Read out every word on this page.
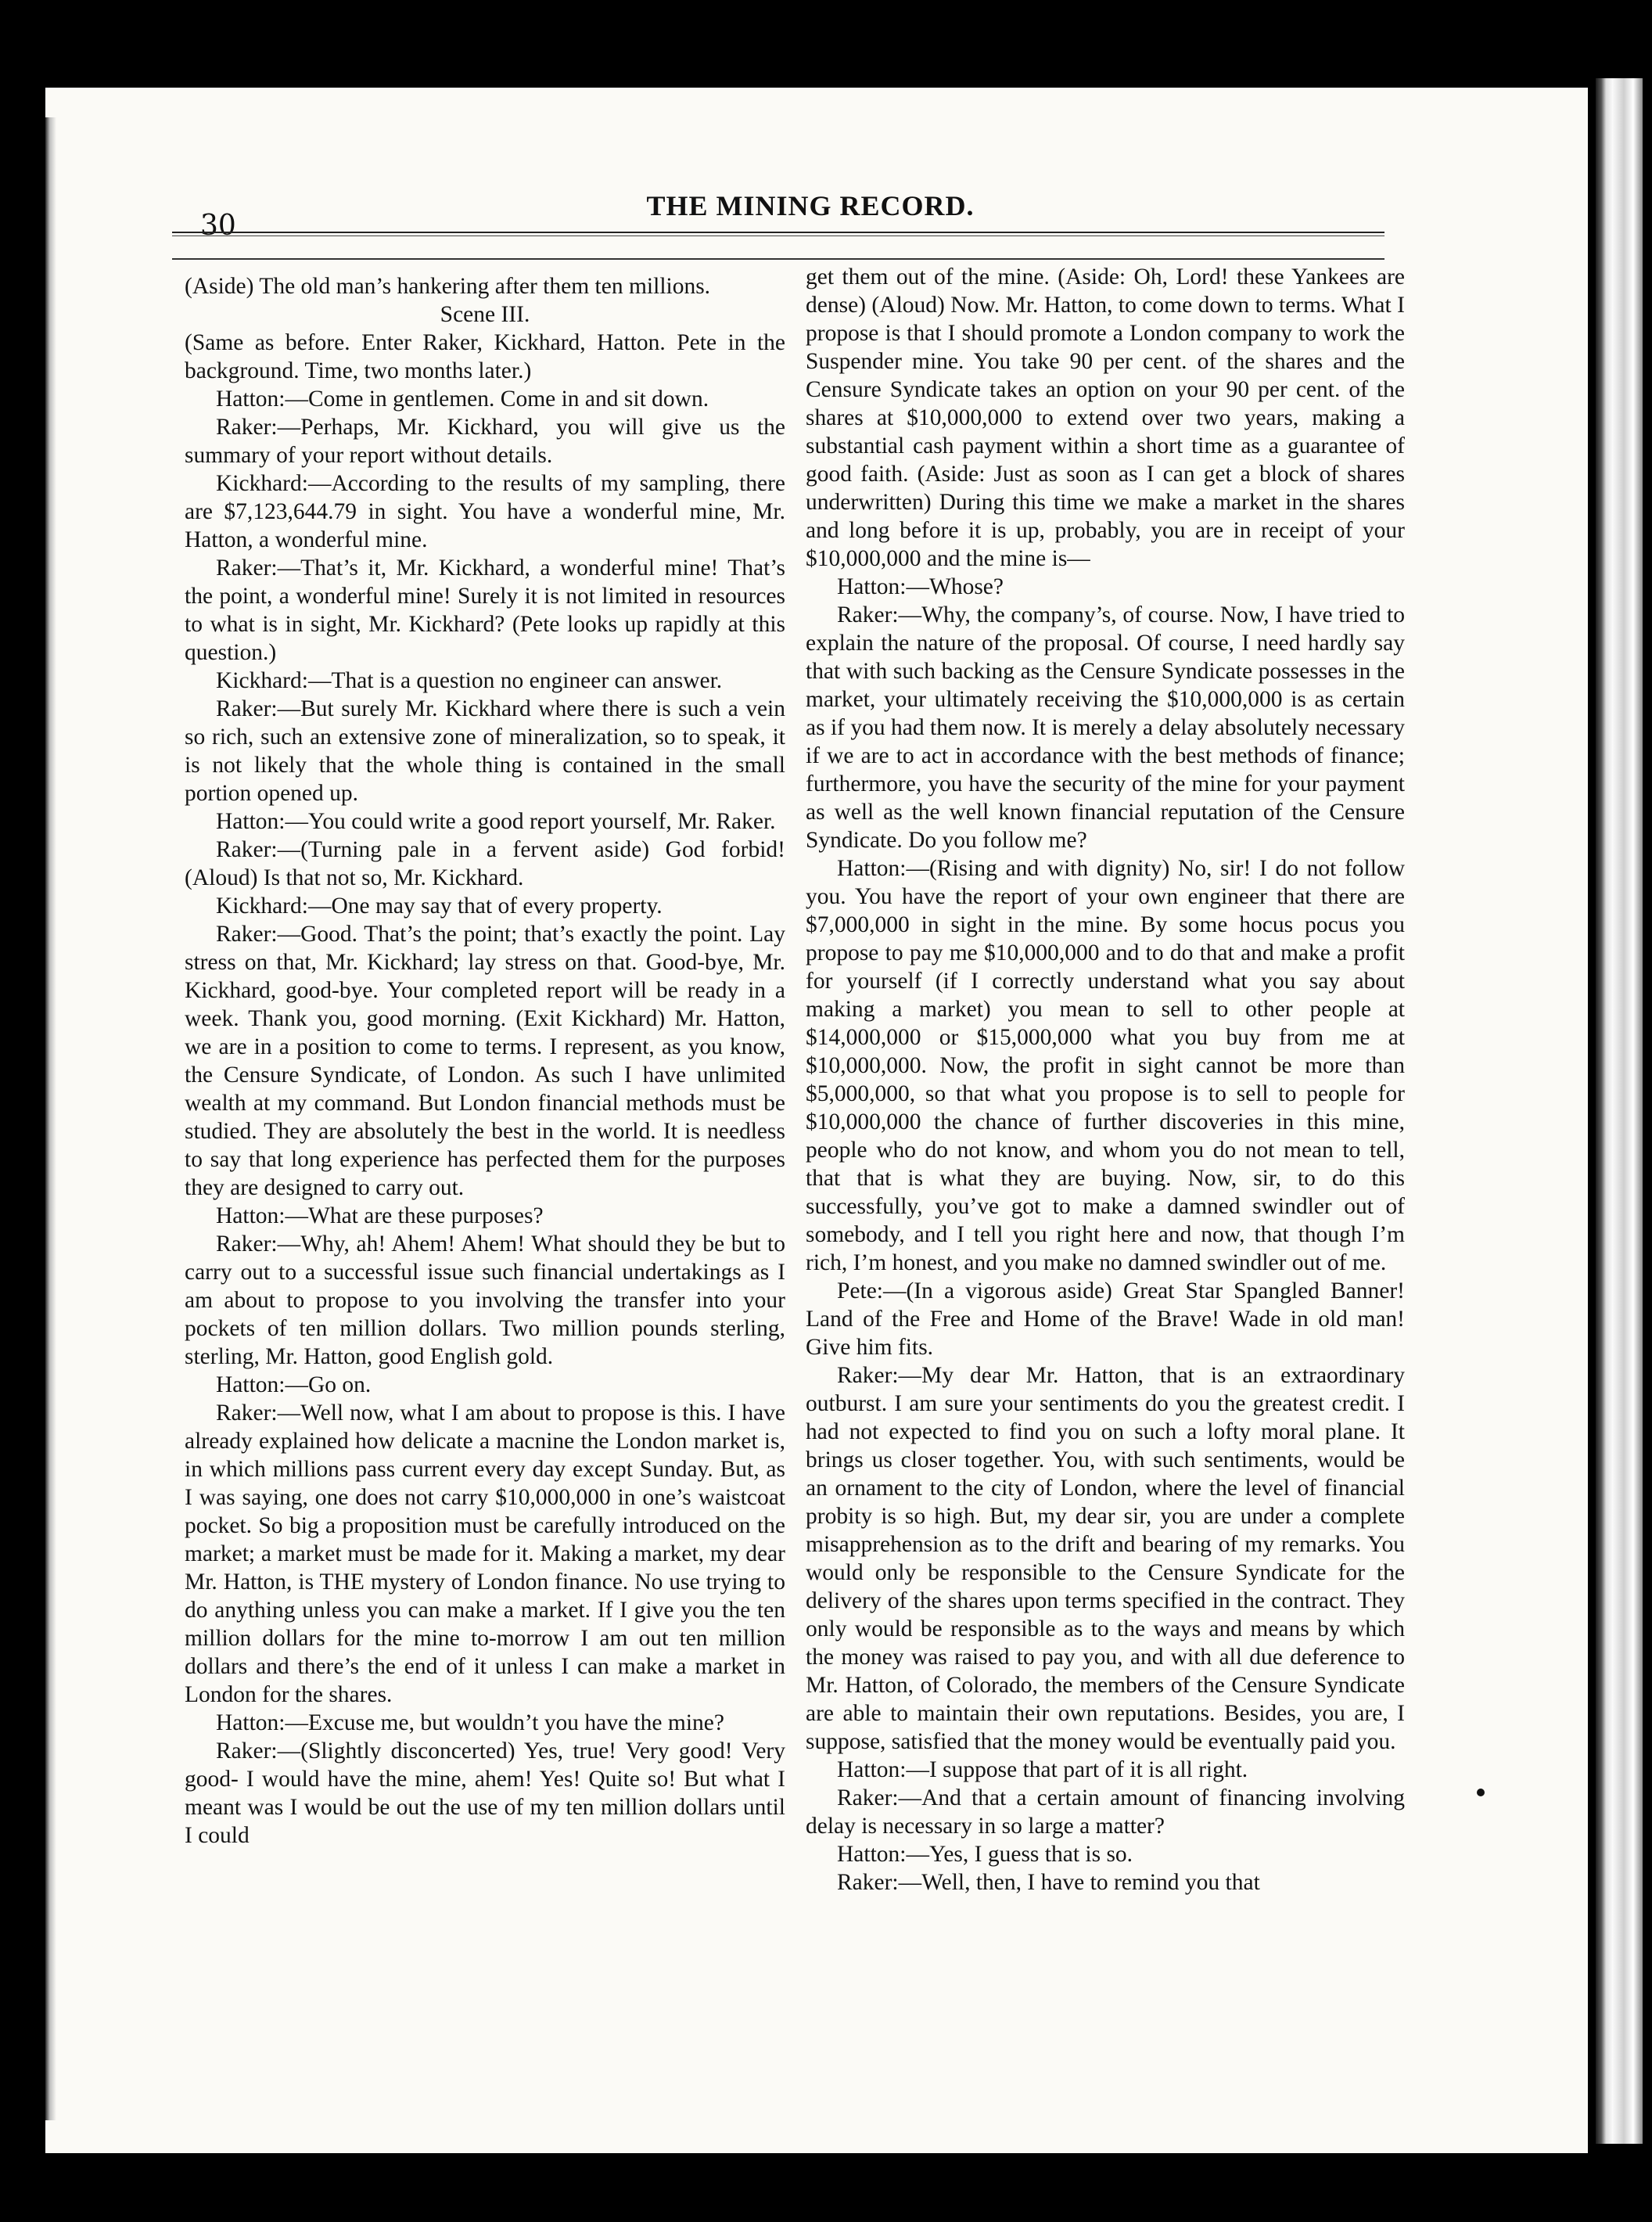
30
THE MINING RECORD.

(Aside) The old man’s hankering after them ten millions.

Scene III.

(Same as before. Enter Raker, Kickhard, Hatton. Pete in the background. Time, two months later.)

Hatton:—Come in gentlemen. Come in and sit down.

Raker:—Perhaps, Mr. Kickhard, you will give us the summary of your report without details.

Kickhard:—According to the results of my sampling, there are $7,123,644.79 in sight. You have a wonderful mine, Mr. Hatton, a wonderful mine.

Raker:—That’s it, Mr. Kickhard, a wonderful mine! That’s the point, a wonderful mine! Surely it is not limited in resources to what is in sight, Mr. Kickhard? (Pete looks up rapidly at this question.)

Kickhard:—That is a question no engineer can answer.

Raker:—But surely Mr. Kickhard where there is such a vein so rich, such an extensive zone of mineralization, so to speak, it is not likely that the whole thing is contained in the small portion opened up.

Hatton:—You could write a good report yourself, Mr. Raker.

Raker:—(Turning pale in a fervent aside) God forbid! (Aloud) Is that not so, Mr. Kickhard.

Kickhard:—One may say that of every property.

Raker:—Good. That’s the point; that’s exactly the point. Lay stress on that, Mr. Kickhard; lay stress on that. Good-bye, Mr. Kickhard, good-bye. Your completed report will be ready in a week. Thank you, good morning. (Exit Kickhard) Mr. Hatton, we are in a position to come to terms. I represent, as you know, the Censure Syndicate, of London. As such I have unlimited wealth at my command. But London financial methods must be studied. They are absolutely the best in the world. It is needless to say that long experience has perfected them for the purposes they are designed to carry out.

Hatton:—What are these purposes?

Raker:—Why, ah! Ahem! Ahem! What should they be but to carry out to a successful issue such financial undertakings as I am about to propose to you involving the transfer into your pockets of ten million dollars. Two million pounds sterling, sterling, Mr. Hatton, good English gold.

Hatton:—Go on.

Raker:—Well now, what I am about to propose is this. I have already explained how delicate a macnine the London market is, in which millions pass current every day except Sunday. But, as I was saying, one does not carry $10,000,000 in one’s waistcoat pocket. So big a proposition must be carefully introduced on the market; a market must be made for it. Making a market, my dear Mr. Hatton, is THE mystery of London finance. No use trying to do anything unless you can make a market. If I give you the ten million dollars for the mine to-morrow I am out ten million dollars and there’s the end of it unless I can make a market in London for the shares.

Hatton:—Excuse me, but wouldn’t you have the mine?

Raker:—(Slightly disconcerted) Yes, true! Very good! Very good- I would have the mine, ahem! Yes! Quite so! But what I meant was I would be out the use of my ten million dollars until I could

get them out of the mine. (Aside: Oh, Lord! these Yankees are dense) (Aloud) Now. Mr. Hatton, to come down to terms. What I propose is that I should promote a London company to work the Suspender mine. You take 90 per cent. of the shares and the Censure Syndicate takes an option on your 90 per cent. of the shares at $10,000,000 to extend over two years, making a substantial cash payment within a short time as a guarantee of good faith. (Aside: Just as soon as I can get a block of shares underwritten) During this time we make a market in the shares and long before it is up, probably, you are in receipt of your $10,000,000 and the mine is—

Hatton:—Whose?

Raker:—Why, the company’s, of course. Now, I have tried to explain the nature of the proposal. Of course, I need hardly say that with such backing as the Censure Syndicate possesses in the market, your ultimately receiving the $10,000,000 is as certain as if you had them now. It is merely a delay absolutely necessary if we are to act in accordance with the best methods of finance; furthermore, you have the security of the mine for your payment as well as the well known financial reputation of the Censure Syndicate. Do you follow me?

Hatton:—(Rising and with dignity) No, sir! I do not follow you. You have the report of your own engineer that there are $7,000,000 in sight in the mine. By some hocus pocus you propose to pay me $10,000,000 and to do that and make a profit for yourself (if I correctly understand what you say about making a market) you mean to sell to other people at $14,000,000 or $15,000,000 what you buy from me at $10,000,000. Now, the profit in sight cannot be more than $5,000,000, so that what you propose is to sell to people for $10,000,000 the chance of further discoveries in this mine, people who do not know, and whom you do not mean to tell, that that is what they are buying. Now, sir, to do this successfully, you’ve got to make a damned swindler out of somebody, and I tell you right here and now, that though I’m rich, I’m honest, and you make no damned swindler out of me.

Pete:—(In a vigorous aside) Great Star Spangled Banner! Land of the Free and Home of the Brave! Wade in old man! Give him fits.

Raker:—My dear Mr. Hatton, that is an extraordinary outburst. I am sure your sentiments do you the greatest credit. I had not expected to find you on such a lofty moral plane. It brings us closer together. You, with such sentiments, would be an ornament to the city of London, where the level of financial probity is so high. But, my dear sir, you are under a complete misapprehension as to the drift and bearing of my remarks. You would only be responsible to the Censure Syndicate for the delivery of the shares upon terms specified in the contract. They only would be responsible as to the ways and means by which the money was raised to pay you, and with all due deference to Mr. Hatton, of Colorado, the members of the Censure Syndicate are able to maintain their own reputations. Besides, you are, I suppose, satisfied that the money would be eventually paid you.

Hatton:—I suppose that part of it is all right.

Raker:—And that a certain amount of financing involving delay is necessary in so large a matter?

Hatton:—Yes, I guess that is so.

Raker:—Well, then, I have to remind you that
